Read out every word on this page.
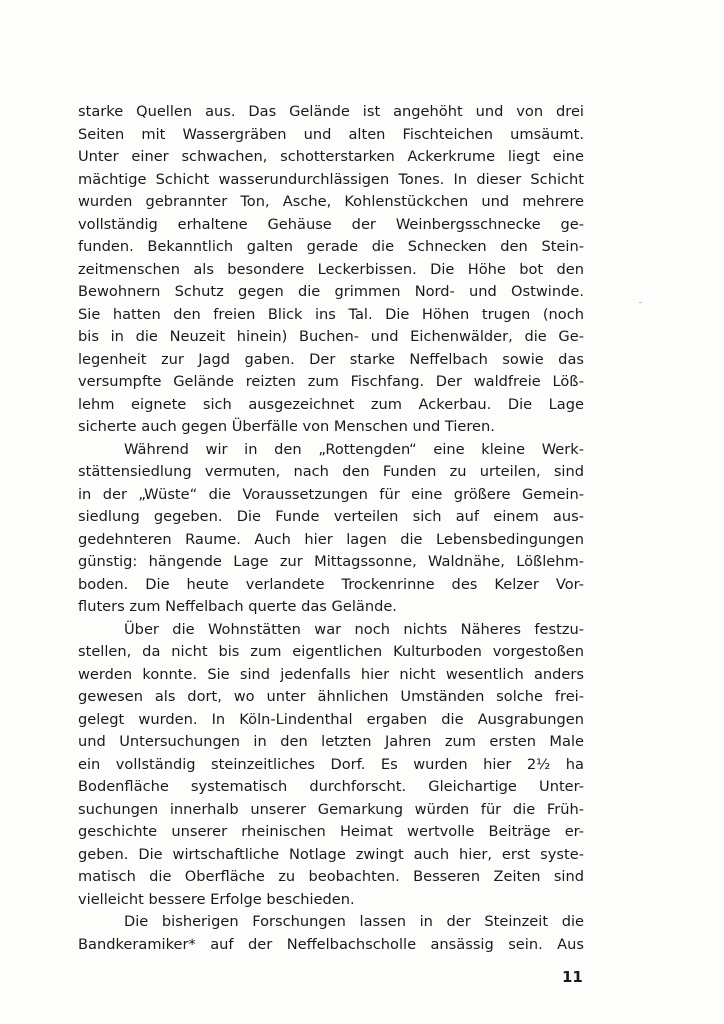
starke Quellen aus. Das Gelände ist angehöht und von drei
Seiten mit Wassergräben und alten Fischteichen umsäumt.
Unter einer schwachen, schotterstarken Ackerkrume liegt eine
mächtige Schicht wasserundurchlässigen Tones. In dieser Schicht
wurden gebrannter Ton, Asche, Kohlenstückchen und mehrere
vollständig erhaltene Gehäuse der Weinbergsschnecke ge-
funden. Bekanntlich galten gerade die Schnecken den Stein-
zeitmenschen als besondere Leckerbissen. Die Höhe bot den
Bewohnern Schutz gegen die grimmen Nord- und Ostwinde.
Sie hatten den freien Blick ins Tal. Die Höhen trugen (noch
bis in die Neuzeit hinein) Buchen- und Eichenwälder, die Ge-
legenheit zur Jagd gaben. Der starke Neffelbach sowie das
versumpfte Gelände reizten zum Fischfang. Der waldfreie Löß-
lehm eignete sich ausgezeichnet zum Ackerbau. Die Lage
sicherte auch gegen Überfälle von Menschen und Tieren.

Während wir in den „Rottengden“ eine kleine Werk-
stättensiedlung vermuten, nach den Funden zu urteilen, sind
in der „Wüste“ die Voraussetzungen für eine größere Gemein-
siedlung gegeben. Die Funde verteilen sich auf einem aus-
gedehnteren Raume. Auch hier lagen die Lebensbedingungen
günstig: hängende Lage zur Mittagssonne, Waldnähe, Lößlehm-
boden. Die heute verlandete Trockenrinne des Kelzer Vor-
fluters zum Neffelbach querte das Gelände.

Über die Wohnstätten war noch nichts Näheres festzu-
stellen, da nicht bis zum eigentlichen Kulturboden vorgestoßen
werden konnte. Sie sind jedenfalls hier nicht wesentlich anders
gewesen als dort, wo unter ähnlichen Umständen solche frei-
gelegt wurden. In Köln-Lindenthal ergaben die Ausgrabungen
und Untersuchungen in den letzten Jahren zum ersten Male
ein vollständig steinzeitliches Dorf. Es wurden hier 2½ ha
Bodenfläche systematisch durchforscht. Gleichartige Unter-
suchungen innerhalb unserer Gemarkung würden für die Früh-
geschichte unserer rheinischen Heimat wertvolle Beiträge er-
geben. Die wirtschaftliche Notlage zwingt auch hier, erst syste-
matisch die Oberfläche zu beobachten. Besseren Zeiten sind
vielleicht bessere Erfolge beschieden.

Die bisherigen Forschungen lassen in der Steinzeit die
Bandkeramiker* auf der Neffelbachscholle ansässig sein. Aus

11
